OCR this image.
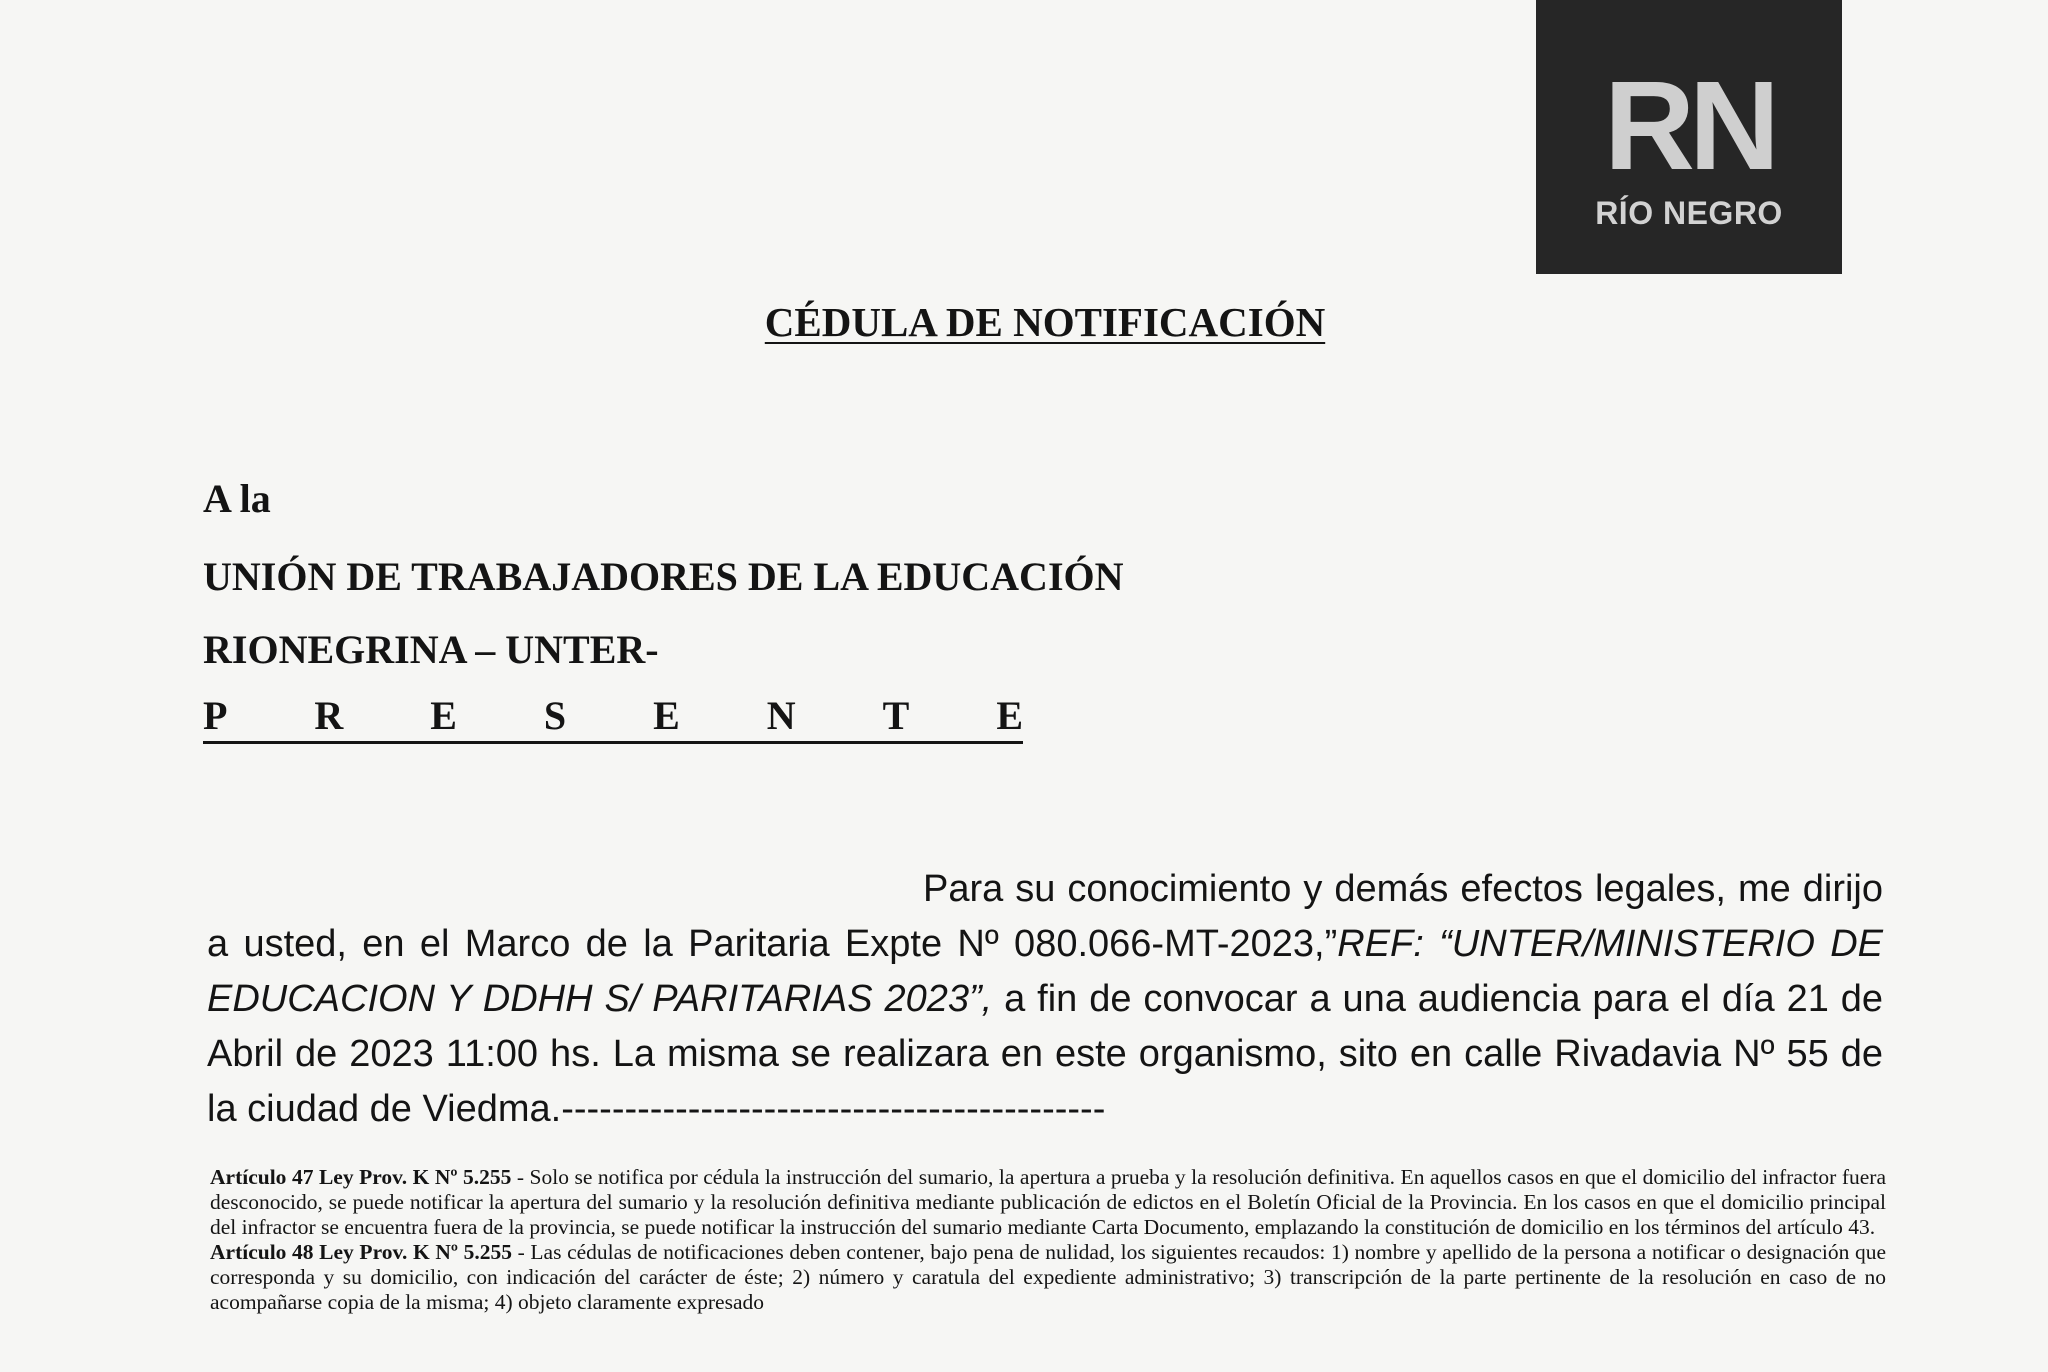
RN
RÍO NEGRO
CÉDULA DE NOTIFICACIÓN
A la
UNIÓN DE TRABAJADORES DE LA EDUCACIÓN
RIONEGRINA – UNTER-
P R E S E N T E
Para su conocimiento y demás efectos legales, me dirijo a usted, en el Marco de la Paritaria Expte Nº 080.066-MT-2023,”REF: “UNTER/MINISTERIO DE EDUCACION Y DDHH S/ PARITARIAS 2023”, a fin de convocar a una audiencia para el día 21 de Abril de 2023 11:00 hs. La misma se realizara en este organismo, sito en calle Rivadavia Nº 55 de la ciudad de Viedma.-------------------------------------------

Artículo 47 Ley Prov. K Nº 5.255 - Solo se notifica por cédula la instrucción del sumario, la apertura a prueba y la resolución definitiva. En aquellos casos en que el domicilio del infractor fuera desconocido, se puede notificar la apertura del sumario y la resolución definitiva mediante publicación de edictos en el Boletín Oficial de la Provincia. En los casos en que el domicilio principal del infractor se encuentra fuera de la provincia, se puede notificar la instrucción del sumario mediante Carta Documento, emplazando la constitución de domicilio en los términos del artículo 43.

Artículo 48 Ley Prov. K Nº 5.255 - Las cédulas de notificaciones deben contener, bajo pena de nulidad, los siguientes recaudos: 1) nombre y apellido de la persona a notificar o designación que corresponda y su domicilio, con indicación del carácter de éste; 2) número y caratula del expediente administrativo; 3) transcripción de la parte pertinente de la resolución en caso de no acompañarse copia de la misma; 4) objeto claramente expresado
